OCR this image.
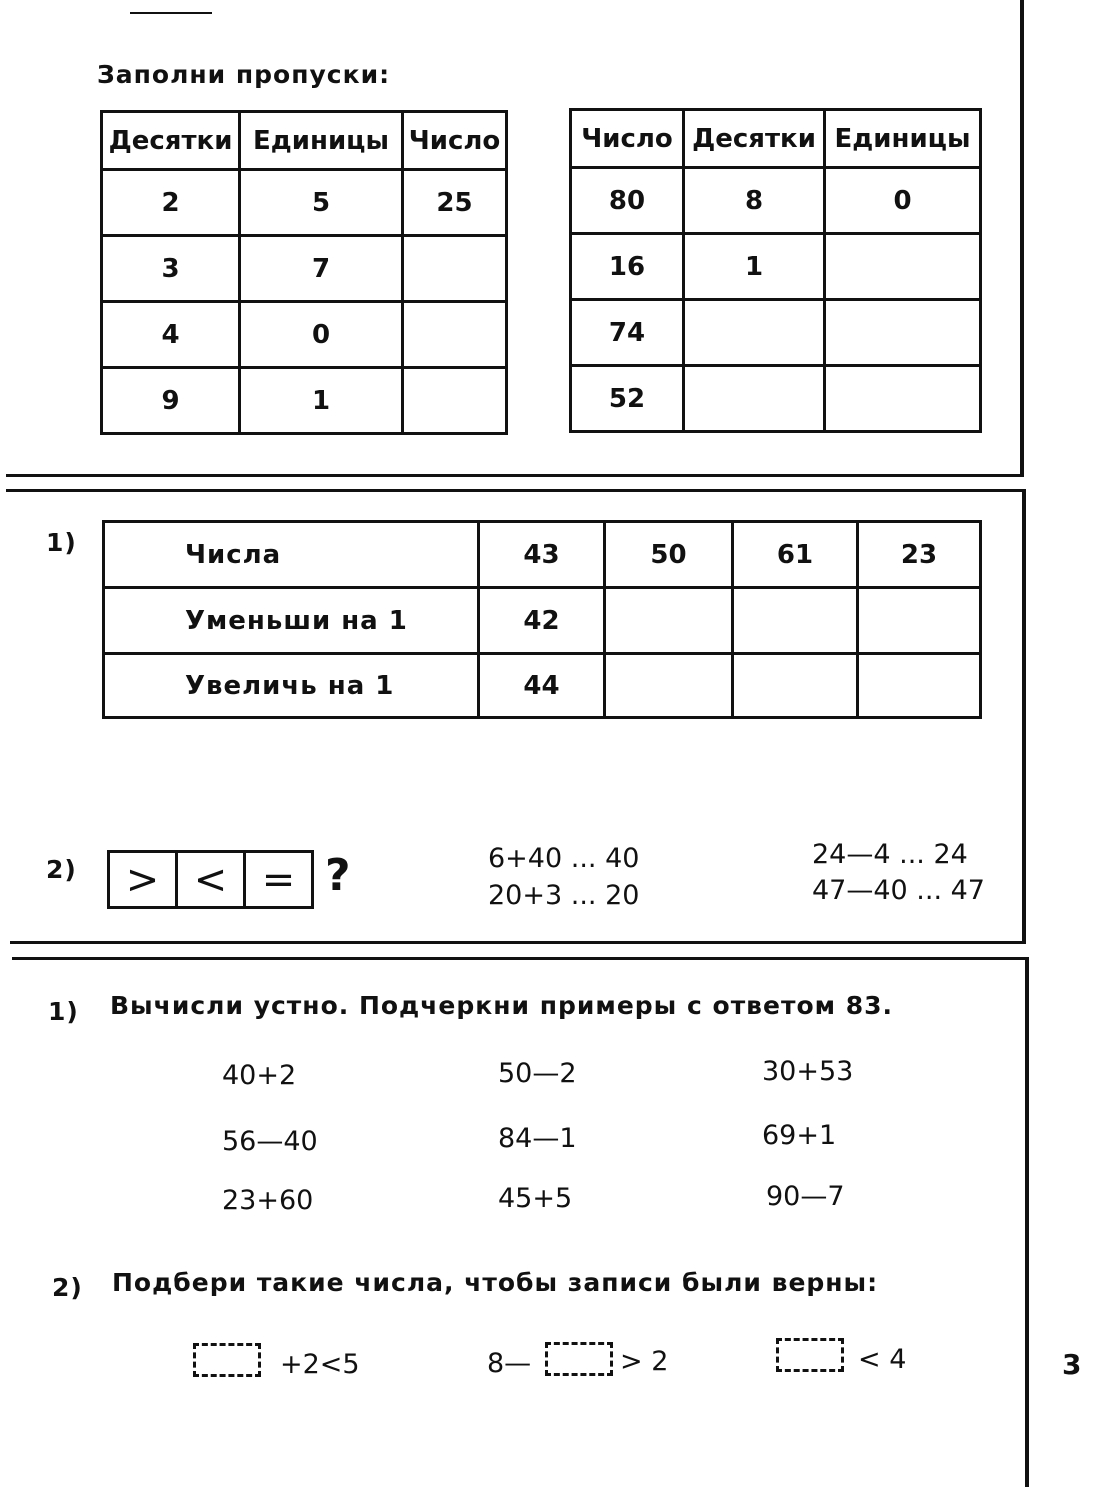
Заполни пропуски:
Десятки	Единицы	Число
2	5	25
3	7	
4	0	
9	1	
Число	Десятки	Единицы
80	8	0
16	1	
74		
52		
1)	Числа	43	50	61	23
Уменьши на 1	42			
Увеличь на 1	44			
2)	> < = ?	6+40 ... 40
20+3 ... 20
24—4 ... 24
47—40 ... 47
1) Вычисли устно. Подчеркни примеры с ответом 83.
40+2	50—2	30+53
56—40	84—1	69+1
23+60	45+5	90—7
2) Подбери такие числа, чтобы записи были верны:
+2<5	8—	> 2	< 4	3
